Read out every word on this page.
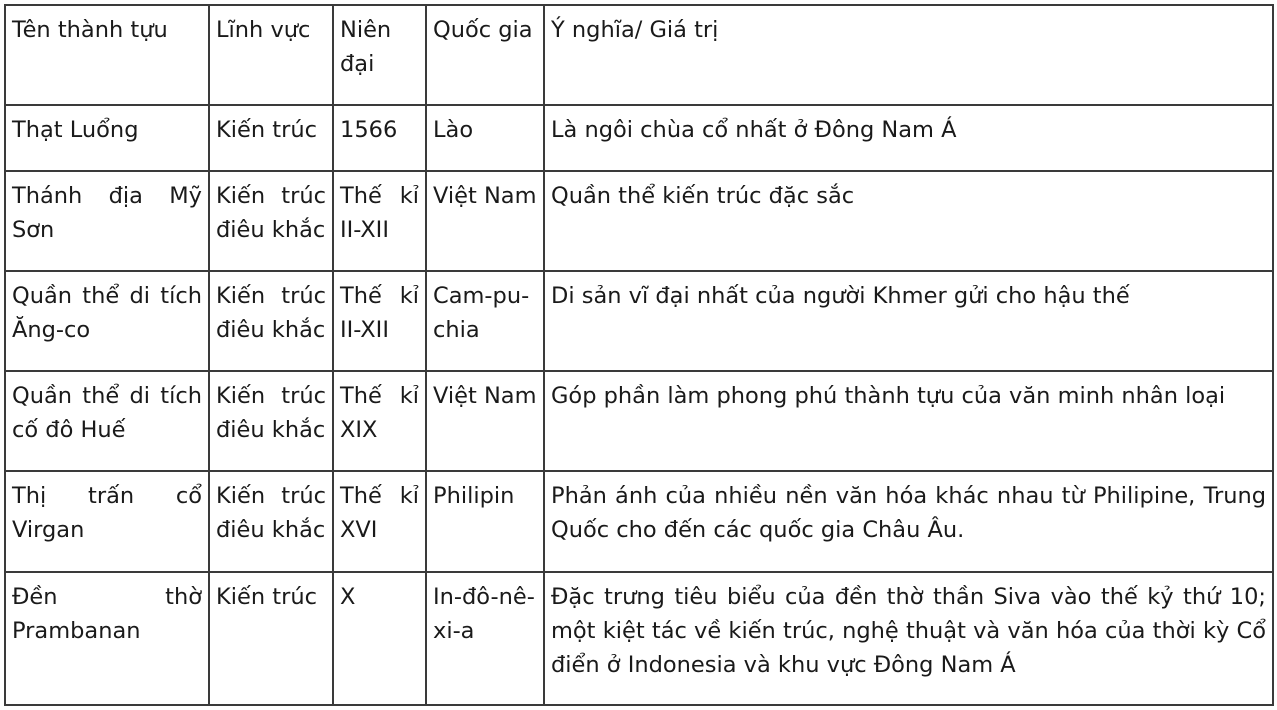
Tên thành tựu	Lĩnh vực	Niên đại	Quốc gia	Ý nghĩa/ Giá trị
Thạt Luổng	Kiến trúc	1566	Lào	Là ngôi chùa cổ nhất ở Đông Nam Á
Thánh địa Mỹ Sơn	Kiến trúc điêu khắc	Thế kỉ II-XII	Việt Nam	Quần thể kiến trúc đặc sắc
Quần thể di tích Ăng-co	Kiến trúc điêu khắc	Thế kỉ II-XII	Cam-pu-chia	Di sản vĩ đại nhất của người Khmer gửi cho hậu thế
Quần thể di tích cố đô Huế	Kiến trúc điêu khắc	Thế kỉ XIX	Việt Nam	Góp phần làm phong phú thành tựu của văn minh nhân loại
Thị trấn cổ Virgan	Kiến trúc điêu khắc	Thế kỉ XVI	Philipin	Phản ánh của nhiều nền văn hóa khác nhau từ Philipine, Trung Quốc cho đến các quốc gia Châu Âu.
Đền thờ Prambanan	Kiến trúc	X	In-đô-nê-xi-a	Đặc trưng tiêu biểu của đền thờ thần Siva vào thế kỷ thứ 10; một kiệt tác về kiến trúc, nghệ thuật và văn hóa của thời kỳ Cổ điển ở Indonesia và khu vực Đông Nam Á
